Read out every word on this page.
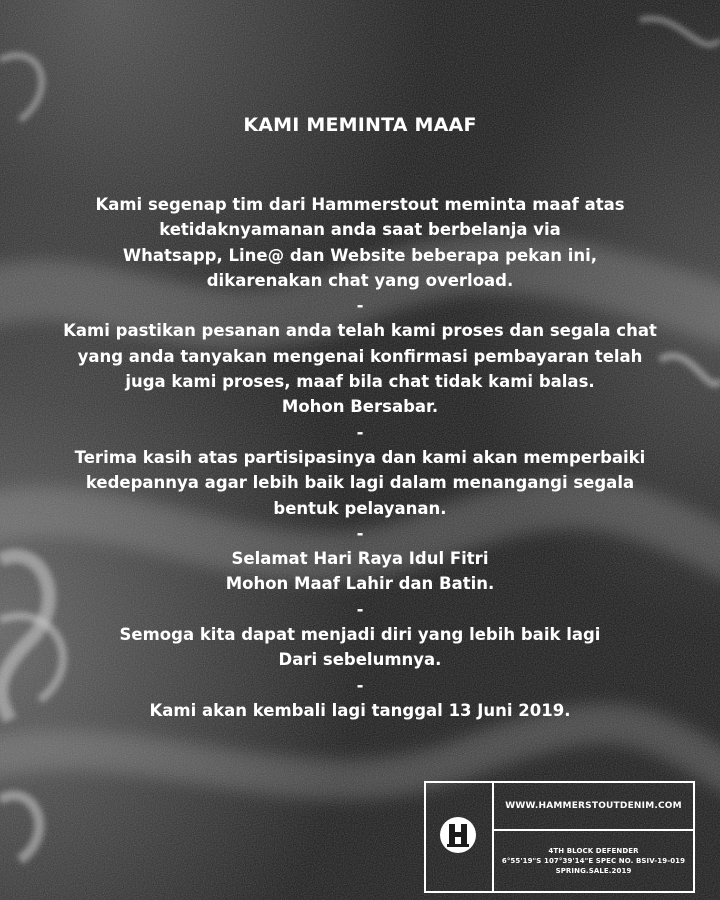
KAMI MEMINTA MAAF
Kami segenap tim dari Hammerstout meminta maaf atas
ketidaknyamanan anda saat berbelanja via
Whatsapp, Line@ dan Website beberapa pekan ini,
dikarenakan chat yang overload.
-
Kami pastikan pesanan anda telah kami proses dan segala chat
yang anda tanyakan mengenai konfirmasi pembayaran telah
juga kami proses, maaf bila chat tidak kami balas.
Mohon Bersabar.
-
Terima kasih atas partisipasinya dan kami akan memperbaiki
kedepannya agar lebih baik lagi dalam menangangi segala
bentuk pelayanan.
-
Selamat Hari Raya Idul Fitri
Mohon Maaf Lahir dan Batin.
-
Semoga kita dapat menjadi diri yang lebih baik lagi
Dari sebelumnya.
-
Kami akan kembali lagi tanggal 13 Juni 2019.
WWW.HAMMERSTOUTDENIM.COM
4TH BLOCK DEFENDER
6°55'19"S 107°39'14"E SPEC NO. BSIV-19-019
SPRING.SALE.2019
